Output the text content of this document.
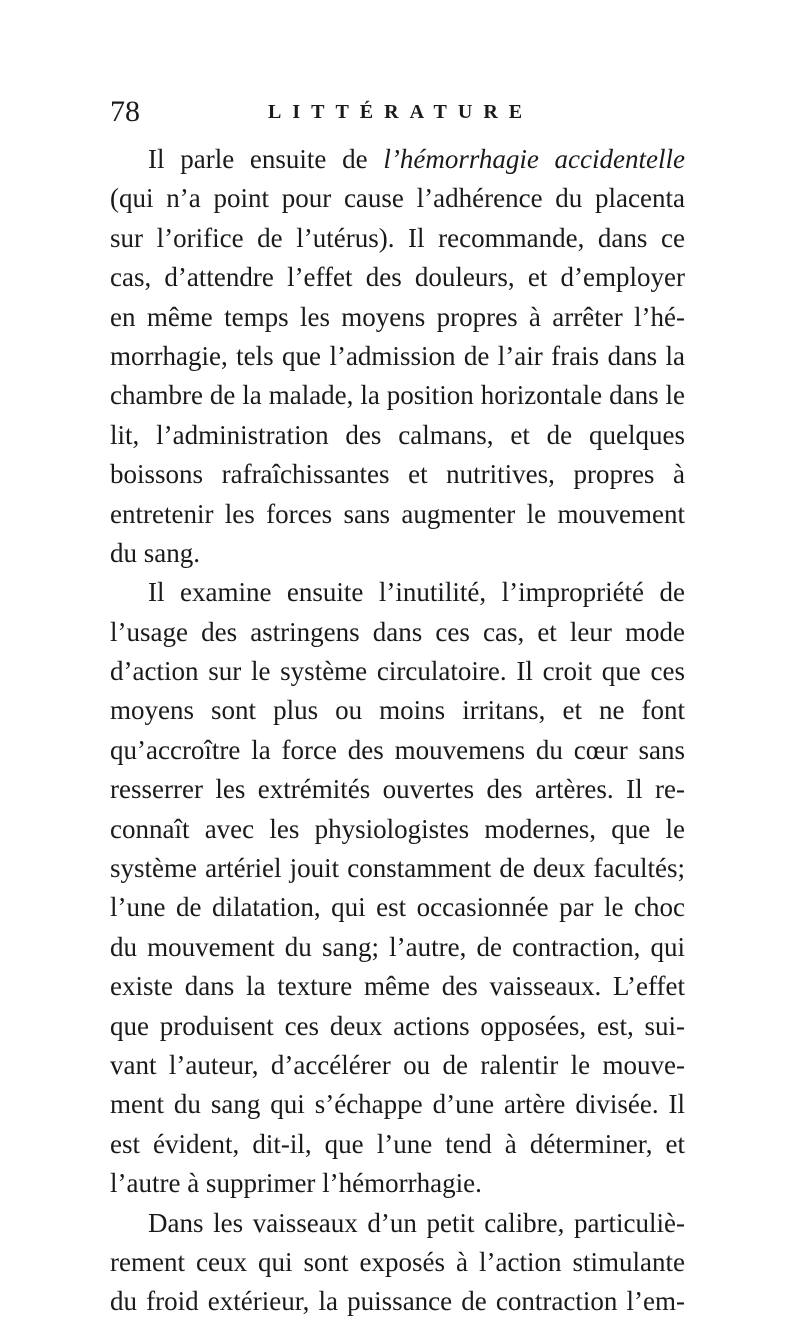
78	LITTÉRATURE
Il parle ensuite de l’hémorrhagie accidentelle
(qui n’a point pour cause l’adhérence du placenta
sur l’orifice de l’utérus). Il recommande, dans ce
cas, d’attendre l’effet des douleurs, et d’employer
en même temps les moyens propres à arrêter l’hé-
morrhagie, tels que l’admission de l’air frais dans la
chambre de la malade, la position horizontale dans le
lit, l’administration des calmans, et de quelques
boissons rafraîchissantes et nutritives, propres à
entretenir les forces sans augmenter le mouvement
du sang.
Il examine ensuite l’inutilité, l’impropriété de
l’usage des astringens dans ces cas, et leur mode
d’action sur le système circulatoire. Il croit que ces
moyens sont plus ou moins irritans, et ne font
qu’accroître la force des mouvemens du cœur sans
resserrer les extrémités ouvertes des artères. Il re-
connaît avec les physiologistes modernes, que le
système artériel jouit constamment de deux facultés;
l’une de dilatation, qui est occasionnée par le choc
du mouvement du sang; l’autre, de contraction, qui
existe dans la texture même des vaisseaux. L’effet
que produisent ces deux actions opposées, est, sui-
vant l’auteur, d’accélérer ou de ralentir le mouve-
ment du sang qui s’échappe d’une artère divisée. Il
est évident, dit-il, que l’une tend à déterminer, et
l’autre à supprimer l’hémorrhagie.
Dans les vaisseaux d’un petit calibre, particuliè-
rement ceux qui sont exposés à l’action stimulante
du froid extérieur, la puissance de contraction l’em-
